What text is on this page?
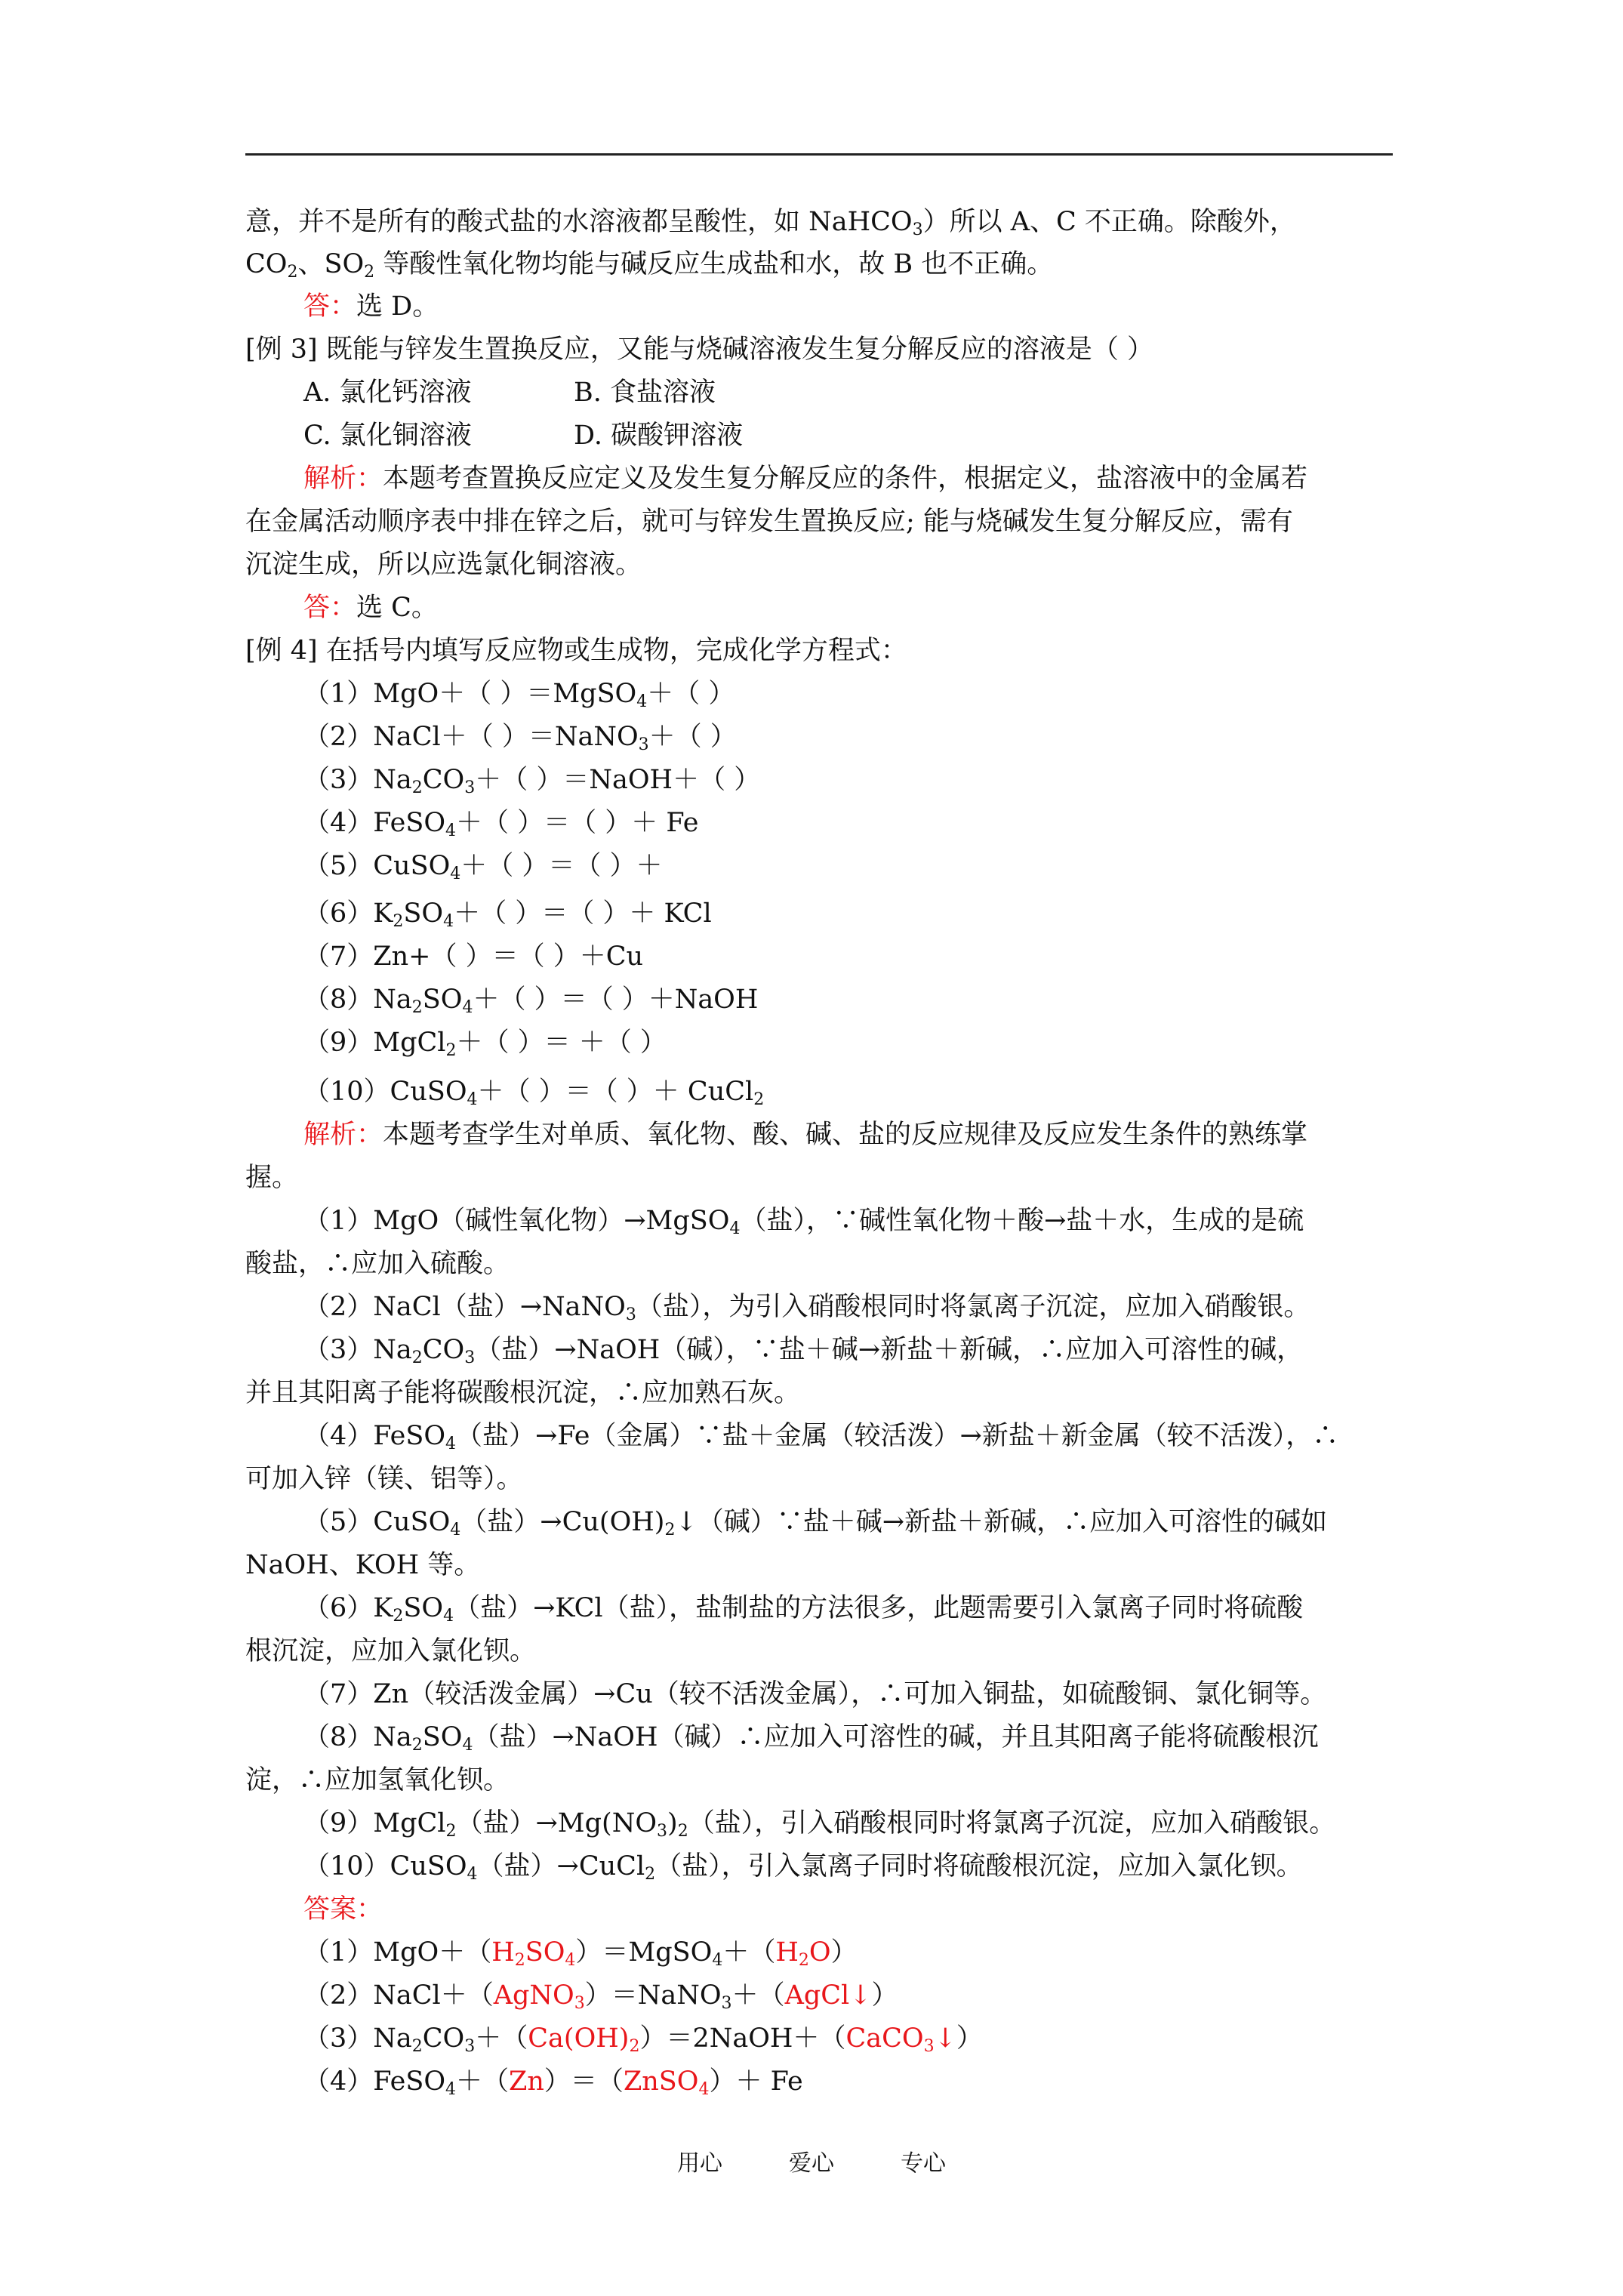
意，并不是所有的酸式盐的水溶液都呈酸性，如 NaHCO$_3$）所以 A、C 不正确。除酸外，
$CO_2$、$SO_2$ 等酸性氧化物均能与碱反应生成盐和水，故 B 也不正确。
答：选 D。
[例 3] 既能与锌发生置换反应，又能与烧碱溶液发生复分解反应的溶液是（ ）
A. 氯化钙溶液	B. 食盐溶液
C. 氯化铜溶液	D. 碳酸钾溶液
解析：本题考查置换反应定义及发生复分解反应的条件，根据定义，盐溶液中的金属若
在金属活动顺序表中排在锌之后，就可与锌发生置换反应; 能与烧碱发生复分解反应，需有
沉淀生成，所以应选氯化铜溶液。
答：选 C。
[例 4] 在括号内填写反应物或生成物，完成化学方程式：
（1）MgO＋（ ）＝MgSO$_4$＋（ ）
（2）NaCl＋（ ）＝NaNO$_3$＋（ ）
$(3)Na_2CO_3+$（ ）＝NaOH＋（ ）
（4）FeSO$_4$＋（ ）＝（ ）＋ Fe
（5）CuSO$_4$＋（ ）＝（ ）＋
$(6)K_2SO_4+$（ ）＝（ ）＋ KCl
（7）Zn+（ ）＝（ ）＋Cu
$(8)Na_2SO_4+$（ ）＝（ ）＋NaOH
（9）MgCl$_2$＋（ ）＝ ＋（ ）
（10）CuSO$_4$＋（ ）＝（ ）＋ CuCl$_2$
解析：本题考查学生对单质、氧化物、酸、碱、盐的反应规律及反应发生条件的熟练掌
握。
（1）MgO（碱性氧化物）→MgSO$_4$（盐），∵碱性氧化物＋酸→盐＋水，生成的是硫
酸盐，∴应加入硫酸。
（2）NaCl（盐）→NaNO$_3$（盐），为引入硝酸根同时将氯离子沉淀，应加入硝酸银。
$(3)Na_2CO_3$（盐）→NaOH（碱），∵盐＋碱→新盐＋新碱，∴应加入可溶性的碱，
并且其阳离子能将碳酸根沉淀，∴应加熟石灰。
（4）FeSO$_4$（盐）→Fe（金属）∵盐＋金属（较活泼）→新盐＋新金属（较不活泼），∴
可加入锌（镁、铝等）。
（5）CuSO$_4$（盐）$\to Cu(OH)_2↓$（碱）∵盐＋碱→新盐＋新碱，∴应加入可溶性的碱如
NaOH、KOH 等。
$(6)K_2SO_4$（盐）→KCl（盐），盐制盐的方法很多，此题需要引入氯离子同时将硫酸
根沉淀，应加入氯化钡。
（7）Zn（较活泼金属）→Cu（较不活泼金属），∴可加入铜盐，如硫酸铜、氯化铜等。
$(8)Na_2SO_4$（盐）→NaOH（碱）∴应加入可溶性的碱，并且其阳离子能将硫酸根沉
淀，∴应加氢氧化钡。
（9）MgCl$_2$（盐）$\to Mg(NO_3)_2$（盐），引入硝酸根同时将氯离子沉淀，应加入硝酸银。
（10）CuSO$_4$（盐）→CuCl$_2$（盐），引入氯离子同时将硫酸根沉淀，应加入氯化钡。
答案：
$(1)MgO+(H_2SO_4)=MgSO_4+(H_2O)$
（2）NaCl＋（AgNO$_3$）＝NaNO$_3$＋（AgCl↓）
$(3)Na_2CO_3+(Ca(OH)_2)=2NaOH+(CaCO_3↓)$
（4）FeSO$_4$＋（Zn）＝（ZnSO$_4$）＋ Fe
用心	爱心	专心
